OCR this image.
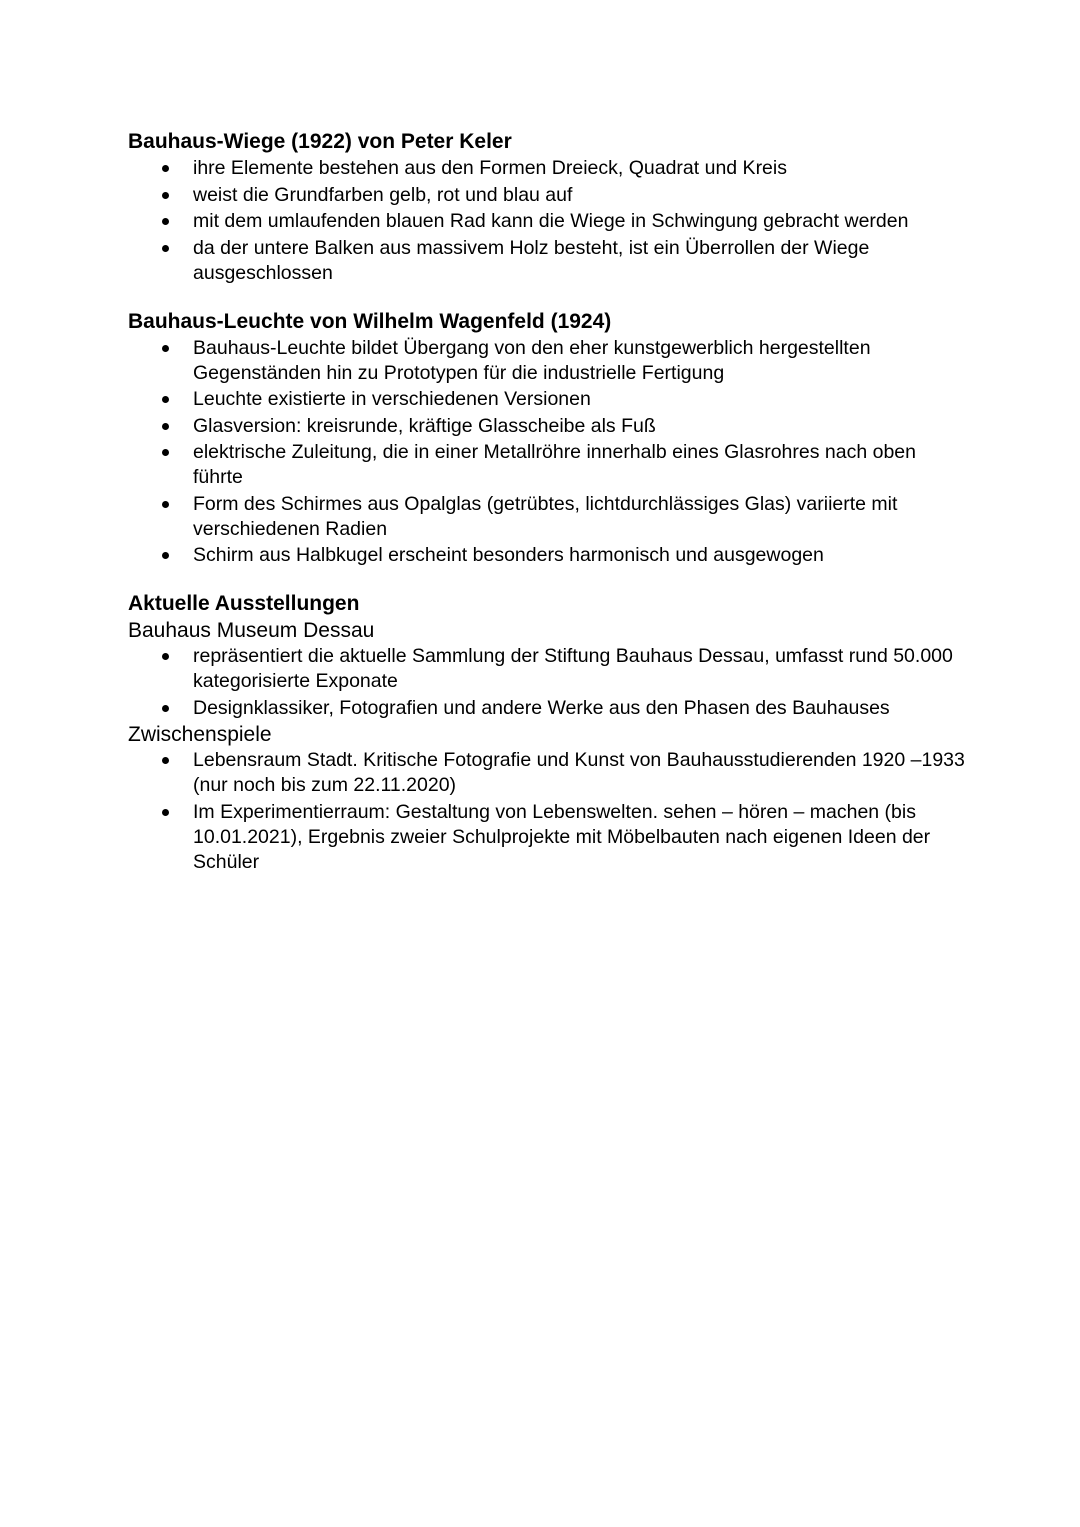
Bauhaus-Wiege (1922) von Peter Keler
ihre Elemente bestehen aus den Formen Dreieck, Quadrat und Kreis
weist die Grundfarben gelb, rot und blau auf
mit dem umlaufenden blauen Rad kann die Wiege in Schwingung gebracht werden
da der untere Balken aus massivem Holz besteht, ist ein Überrollen der Wiege ausgeschlossen
Bauhaus-Leuchte von Wilhelm Wagenfeld (1924)
Bauhaus-Leuchte bildet Übergang von den eher kunstgewerblich hergestellten Gegenständen hin zu Prototypen für die industrielle Fertigung
Leuchte existierte in verschiedenen Versionen
Glasversion: kreisrunde, kräftige Glasscheibe als Fuß
elektrische Zuleitung, die in einer Metallröhre innerhalb eines Glasrohres nach oben führte
Form des Schirmes aus Opalglas (getrübtes, lichtdurchlässiges Glas) variierte mit verschiedenen Radien
Schirm aus Halbkugel erscheint besonders harmonisch und ausgewogen
Aktuelle Ausstellungen

Bauhaus Museum Dessau

repräsentiert die aktuelle Sammlung der Stiftung Bauhaus Dessau, umfasst rund 50.000 kategorisierte Exponate
Designklassiker, Fotografien und andere Werke aus den Phasen des Bauhauses

Zwischenspiele

Lebensraum Stadt. Kritische Fotografie und Kunst von Bauhausstudierenden 1920 –1933 (nur noch bis zum 22.11.2020)
Im Experimentierraum: Gestaltung von Lebenswelten. sehen – hören – machen (bis 10.01.2021), Ergebnis zweier Schulprojekte mit Möbelbauten nach eigenen Ideen der Schüler
